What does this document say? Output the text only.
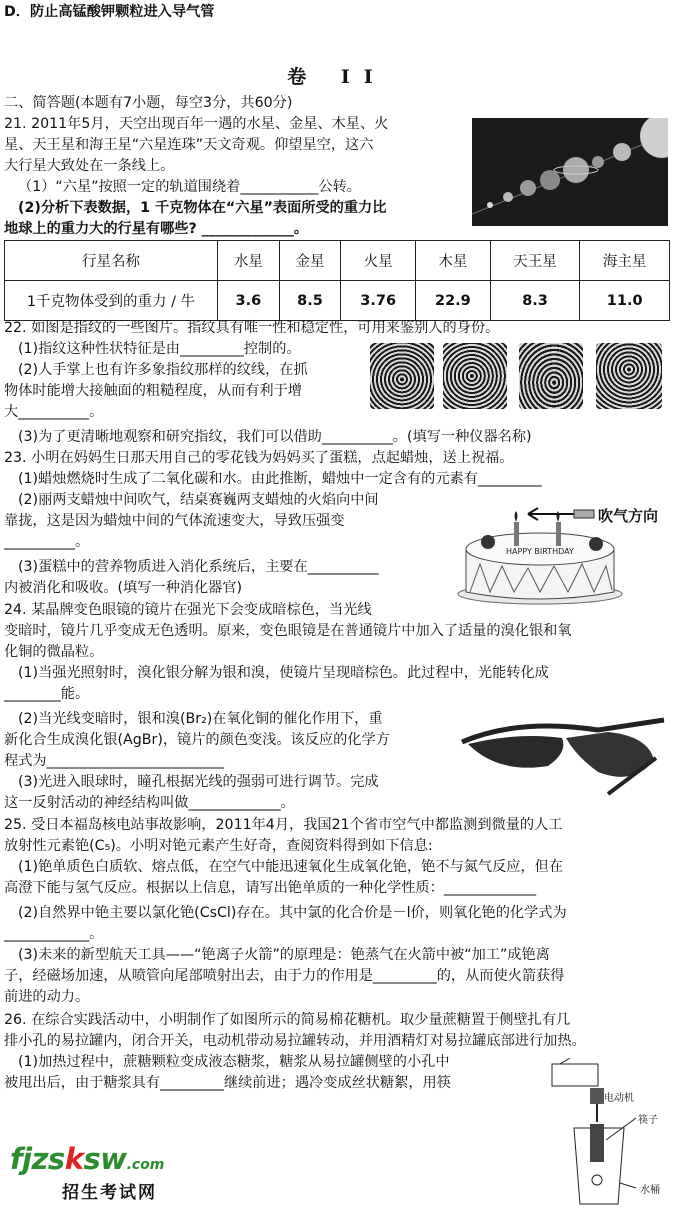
D．防止高锰酸钾颗粒进入导气管
卷 II
二、简答题(本题有7小题，每空3分，共60分)
21. 2011年5月，天空出现百年一遇的水星、金星、木星、火
星、天王星和海王星“六星连珠”天文奇观。仰望星空，这六
大行星大致处在一条线上。
（1）“六星”按照一定的轨道围绕着___________公转。
(2)分析下表数据，1 千克物体在“六星”表面所受的重力比
地球上的重力大的行星有哪些? _____________。
行星名称	水星	金星	火星	木星	天王星	海主星
1千克物体受到的重力 / 牛	3.6	8.5	3.76	22.9	8.3	11.0
22. 如图是指纹的一些图片。指纹具有唯一性和稳定性，可用来鉴别人的身份。
(1)指纹这种性状特征是由_________控制的。
(2)人手掌上也有许多象指纹那样的纹线，在抓
物体时能增大接触面的粗糙程度，从而有利于增
大__________。
(3)为了更清晰地观察和研究指纹，我们可以借助__________。(填写一种仪器名称)
23. 小明在妈妈生日那天用自己的零花钱为妈妈买了蛋糕，点起蜡烛，送上祝福。
(1)蜡烛燃烧时生成了二氧化碳和水。由此推断，蜡烛中一定含有的元素有_________
(2)丽两支蜡烛中间吹气，结桌赛巍两支蜡烛的火焰向中间
靠拢，这是因为蜡烛中间的气体流速变大，导致压强变
__________。
(3)蛋糕中的营养物质进入消化系统后，主要在__________
内被消化和吸收。(填写一种消化器官)
HAPPY BIRTHDAY
吹气方向
24. 某晶牌变色眼镜的镜片在强光下会变成暗棕色，当光线
变暗时，镜片几乎变成无色透明。原来，变色眼镜是在普通镜片中加入了适量的溴化银和氧
化铜的微晶粒。
(1)当强光照射时，溴化银分解为银和溴，使镜片呈现暗棕色。此过程中，光能转化成
________能。
(2)当光线变暗时，银和溴(Br₂)在氧化铜的催化作用下，重
新化合生成溴化银(AgBr)，镜片的颜色变浅。该反应的化学方
程式为_________________________
(3)光进入眼球时，瞳孔根据光线的强弱可进行调节。完成
这一反射活动的神经结构叫做_____________。
25. 受日本福岛核电站事故影响，2011年4月，我国21个省市空气中都监测到微量的人工
放射性元素铯(C₅)。小明对铯元素产生好奇，查阅资料得到如下信息:
(1)铯单质色白质软、熔点低，在空气中能迅速氧化生成氧化铯，铯不与氮气反应，但在
高澄下能与氢气反应。根据以上信息，请写出铯单质的一种化学性质：_____________
(2)自然界中铯主要以氯化铯(CsCl)存在。其中氯的化合价是－l价，则氧化铯的化学式为
____________。
(3)未来的新型航天工具——“铯离子火箭”的原理是：铯蒸气在火箭中被“加工”成铯离
子，经磁场加速，从喷管向尾部喷射出去，由于力的作用是_________的，从而使火箭获得
前进的动力。
26. 在综合实践活动中，小明制作了如图所示的简易棉花糖机。取少量蔗糖置于侧壁扎有几
排小孔的易拉罐内，闭合开关，电动机带动易拉罐转动，并用酒精灯对易拉罐底部进行加热。
(1)加热过程中，蔗糖颗粒变成液态糖浆，糖浆从易拉罐侧壁的小孔中
被甩出后，由于糖浆具有_________继续前进；遇冷变成丝状糖絮，用筷
电动机
筷子
水桶
fjzsksw.com
招生考试网
